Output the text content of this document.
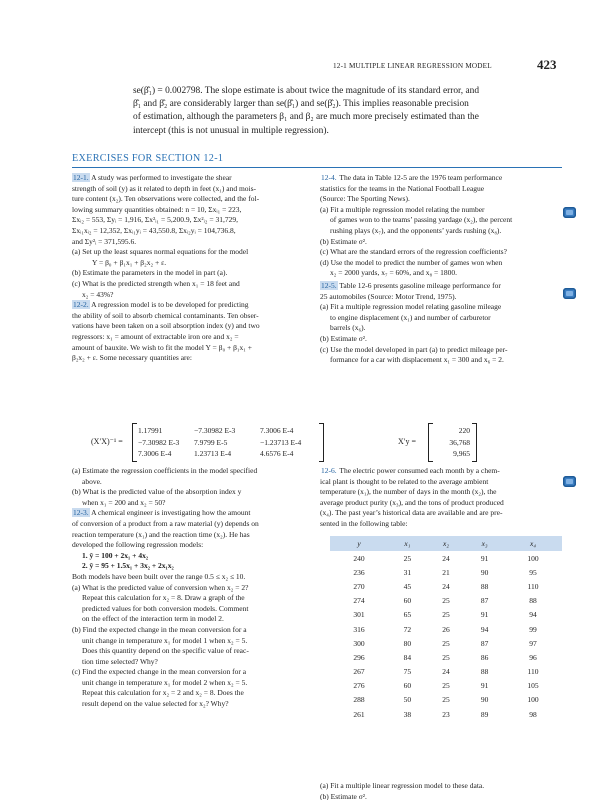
12-1 MULTIPLE LINEAR REGRESSION MODEL	423
se(β̂₁) = 0.002798. The slope estimate is about twice the magnitude of its standard error, and
β̂₁ and β̂₂ are considerably larger than se(β̂₁) and se(β̂₂). This implies reasonable precision
of estimation, although the parameters β₁ and β₂ are much more precisely estimated than the
intercept (this is not unusual in multiple regression).
EXERCISES FOR SECTION 12-1

12-1. A study was performed to investigate the shear

strength of soil (y) as it related to depth in feet (x₁) and mois-

ture content (x₂). Ten observations were collected, and the fol-

lowing summary quantities obtained: n = 10, Σxᵢ₁ = 223,

Σxᵢ₂ = 553, Σyᵢ = 1,916, Σx²ᵢ₁ = 5,200.9, Σx²ᵢ₂ = 31,729,

Σxᵢ₁xᵢ₂ = 12,352, Σxᵢ₁yᵢ = 43,550.8, Σxᵢ₂yᵢ = 104,736.8,

and Σy²ᵢ = 371,595.6.

(a) Set up the least squares normal equations for the model

Y = β₀ + β₁x₁ + β₂x₂ + ε.

(b) Estimate the parameters in the model in part (a).

(c) What is the predicted strength when x₁ = 18 feet and

x₂ = 43%?

12-2. A regression model is to be developed for predicting

the ability of soil to absorb chemical contaminants. Ten obser-

vations have been taken on a soil absorption index (y) and two

regressors: x₁ = amount of extractable iron ore and x₂ =

amount of bauxite. We wish to fit the model Y = β₀ + β₁x₁ +

β₂x₂ + ε. Some necessary quantities are:

(X′X)⁻¹ =
1.17991	−7.30982 E-3	7.3006 E-4
−7.30982 E-3	7.9799 E-5	−1.23713 E-4
7.3006 E-4	1.23713 E-4	4.6576 E-4
X′y =
220
36,768
9,965

(a) Estimate the regression coefficients in the model specified

above.

(b) What is the predicted value of the absorption index y

when x₁ = 200 and x₂ = 50?

12-3. A chemical engineer is investigating how the amount

of conversion of a product from a raw material (y) depends on

reaction temperature (x₁) and the reaction time (x₂). He has

developed the following regression models:

1. ŷ = 100 + 2x₁ + 4x₂

2. ŷ = 95 + 1.5x₁ + 3x₂ + 2x₁x₂

Both models have been built over the range 0.5 ≤ x₂ ≤ 10.

(a) What is the predicted value of conversion when x₂ = 2?

Repeat this calculation for x₂ = 8. Draw a graph of the

predicted values for both conversion models. Comment

on the effect of the interaction term in model 2.

(b) Find the expected change in the mean conversion for a

unit change in temperature x₁ for model 1 when x₂ = 5.

Does this quantity depend on the specific value of reac-

tion time selected? Why?

(c) Find the expected change in the mean conversion for a

unit change in temperature x₁ for model 2 when x₂ = 5.

Repeat this calculation for x₂ = 2 and x₂ = 8. Does the

result depend on the value selected for x₂? Why?

12-4. The data in Table 12-5 are the 1976 team performance

statistics for the teams in the National Football League

(Source: The Sporting News).

(a) Fit a multiple regression model relating the number

of games won to the teams’ passing yardage (x₂), the percent

rushing plays (x₇), and the opponents’ yards rushing (x₈).

(b) Estimate σ².

(c) What are the standard errors of the regression coefficients?

(d) Use the model to predict the number of games won when

x₂ = 2000 yards, x₇ = 60%, and x₈ = 1800.

12-5. Table 12-6 presents gasoline mileage performance for

25 automobiles (Source: Motor Trend, 1975).

(a) Fit a multiple regression model relating gasoline mileage

to engine displacement (x₁) and number of carburetor

barrels (x₆).

(b) Estimate σ².

(c) Use the model developed in part (a) to predict mileage per-

formance for a car with displacement x₁ = 300 and x₆ = 2.

12-6. The electric power consumed each month by a chem-

ical plant is thought to be related to the average ambient

temperature (x₁), the number of days in the month (x₂), the

average product purity (x₃), and the tons of product produced

(x₄). The past year’s historical data are available and are pre-

sented in the following table:

y	x₁	x₂	x₃	x₄
240	25	24	91	100
236	31	21	90	95
270	45	24	88	110
274	60	25	87	88
301	65	25	91	94
316	72	26	94	99
300	80	25	87	97
296	84	25	86	96
267	75	24	88	110
276	60	25	91	105
288	50	25	90	100
261	38	23	89	98

(a) Fit a multiple linear regression model to these data.

(b) Estimate σ².
